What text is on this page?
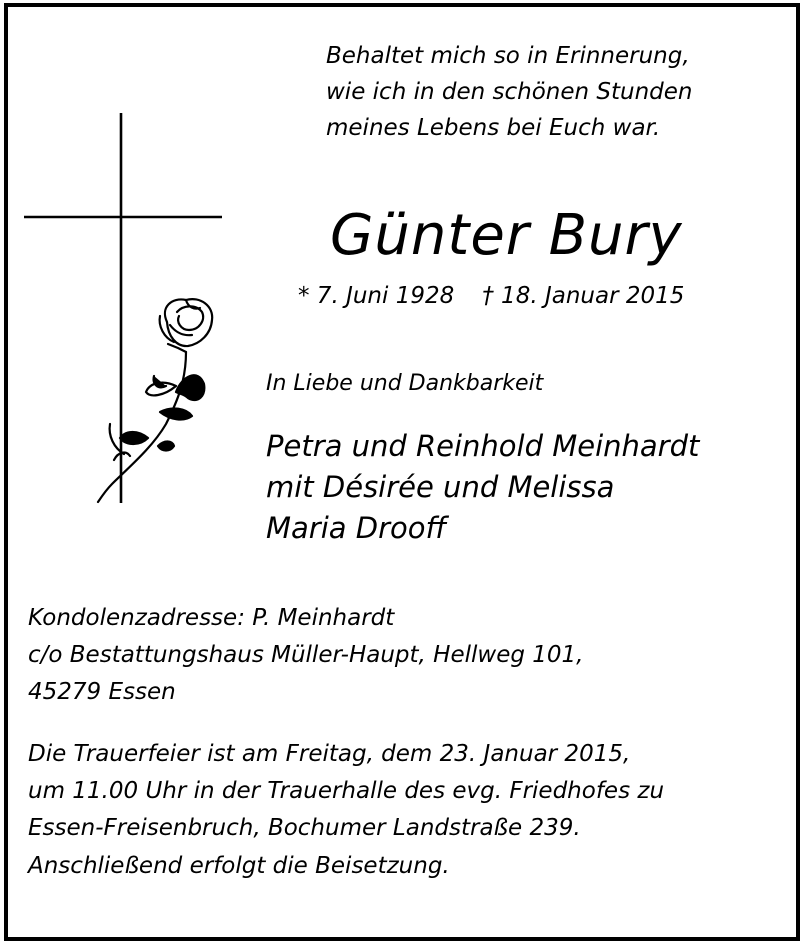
Behaltet mich so in Erinnerung,
wie ich in den schönen Stunden
meines Lebens bei Euch war.
Günter Bury
* 7. Juni 1928 † 18. Januar 2015
In Liebe und Dankbarkeit
Petra und Reinhold Meinhardt
mit Désirée und Melissa
Maria Drooff
Kondolenzadresse: P. Meinhardt
c/o Bestattungshaus Müller-Haupt, Hellweg 101,
45279 Essen
Die Trauerfeier ist am Freitag, dem 23. Januar 2015,
um 11.00 Uhr in der Trauerhalle des evg. Friedhofes zu
Essen-Freisenbruch, Bochumer Landstraße 239.
Anschließend erfolgt die Beisetzung.
